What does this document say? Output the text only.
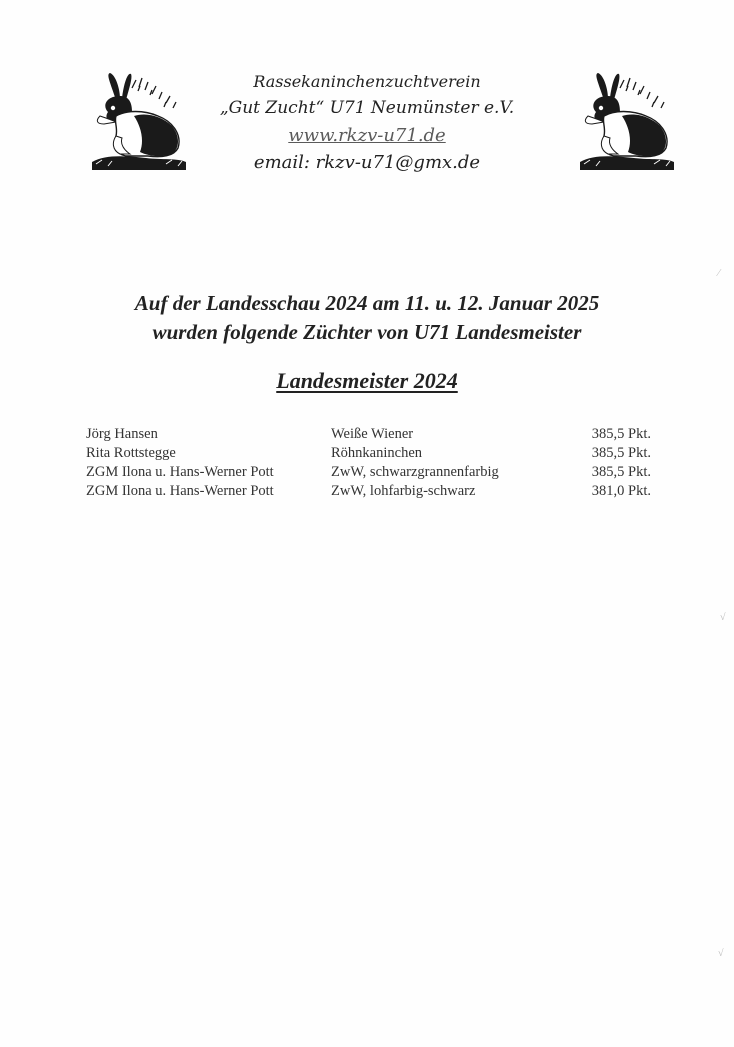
Rassekaninchenzuchtverein
„Gut Zucht“ U71 Neumünster e.V.
www.rkzv-u71.de
email: rkzv-u71@gmx.de
Auf der Landesschau 2024 am 11. u. 12. Januar 2025
wurden folgende Züchter von U71 Landesmeister
Landesmeister 2024
Jörg Hansen	Weiße Wiener	385,5 Pkt.
Rita Rottstegge	Röhnkaninchen	385,5 Pkt.
ZGM Ilona u. Hans-Werner Pott	ZwW, schwarzgrannenfarbig	385,5 Pkt.
ZGM Ilona u. Hans-Werner Pott	ZwW, lohfarbig-schwarz	381,0 Pkt.
⁄
√
√
